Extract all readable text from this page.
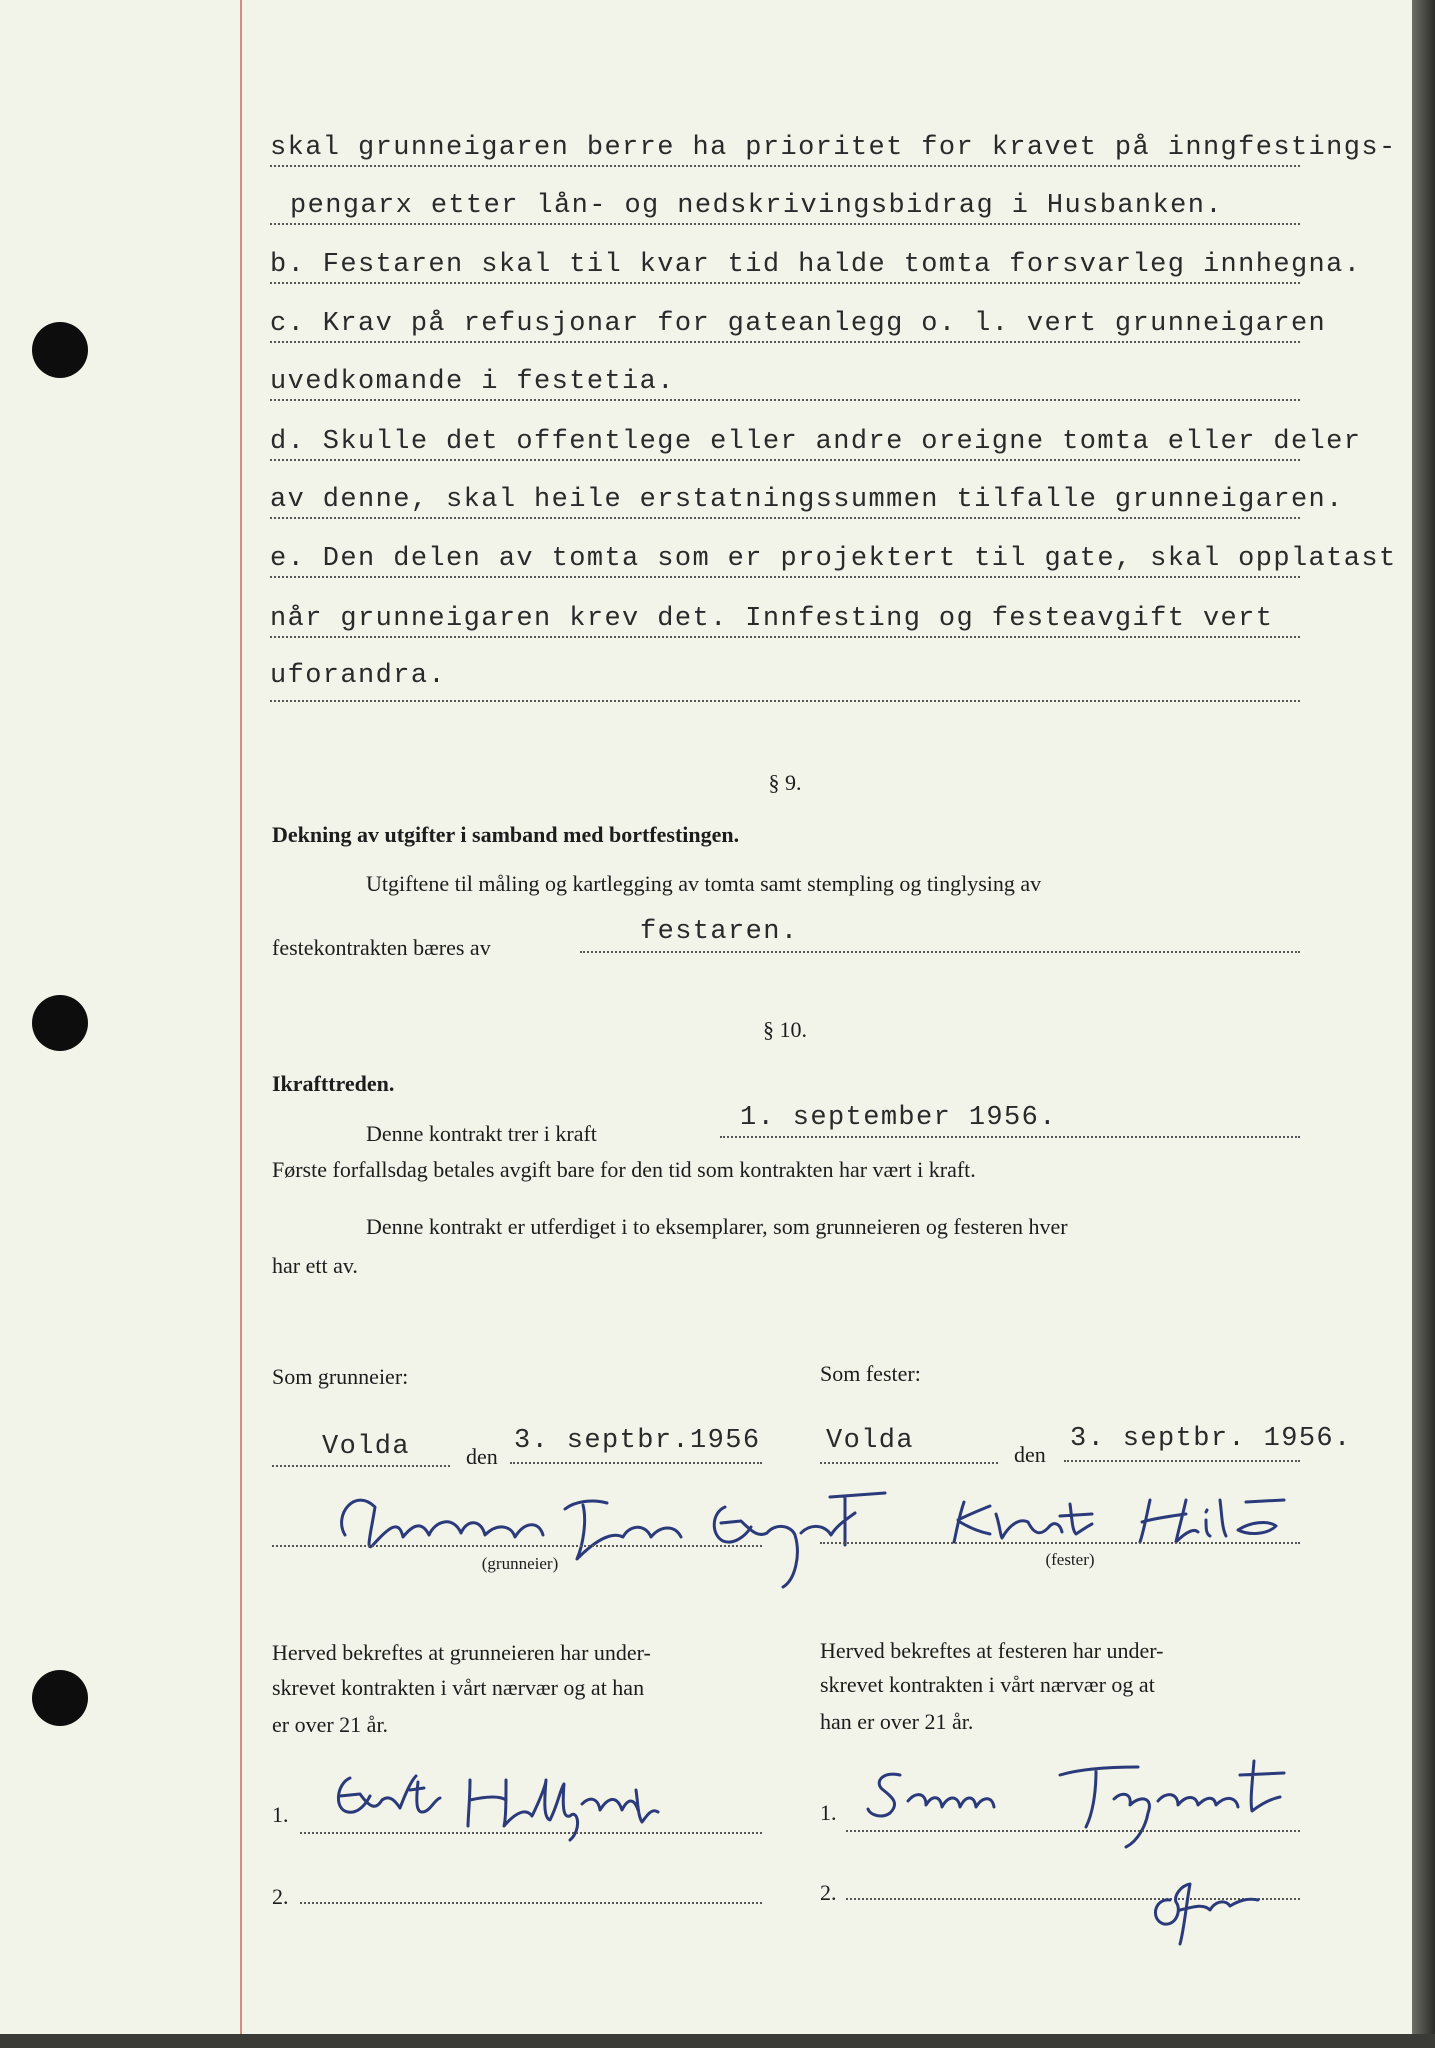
skal grunneigaren berre ha prioritet for kravet på inngfestings-
pengarx etter lån- og nedskrivingsbidrag i Husbanken.
b. Festaren skal til kvar tid halde tomta forsvarleg innhegna.
c. Krav på refusjonar for gateanlegg o. l. vert grunneigaren
uvedkomande i festetia.
d. Skulle det offentlege eller andre oreigne tomta eller deler
av denne, skal heile erstatningssummen tilfalle grunneigaren.
e. Den delen av tomta som er projektert til gate, skal opplatast
når grunneigaren krev det. Innfesting og festeavgift vert
uforandra.
§ 9.
Dekning av utgifter i samband med bortfestingen.
Utgiftene til måling og kartlegging av tomta samt stempling og tinglysing av
festekontrakten bæres av
festaren.
§ 10.
Ikrafttreden.
Denne kontrakt trer i kraft
1. september 1956.
Første forfallsdag betales avgift bare for den tid som kontrakten har vært i kraft.
Denne kontrakt er utferdiget i to eksemplarer, som grunneieren og festeren hver
har ett av.
Som grunneier:
Volda	den
3. septbr.1956
(grunneier)
Herved bekreftes at grunneieren har under-
skrevet kontrakten i vårt nærvær og at han
er over 21 år.
1.
2.
Som fester:
Volda	den
3. septbr. 1956.
(fester)
Herved bekreftes at festeren har under-
skrevet kontrakten i vårt nærvær og at
han er over 21 år.
1.
2.
